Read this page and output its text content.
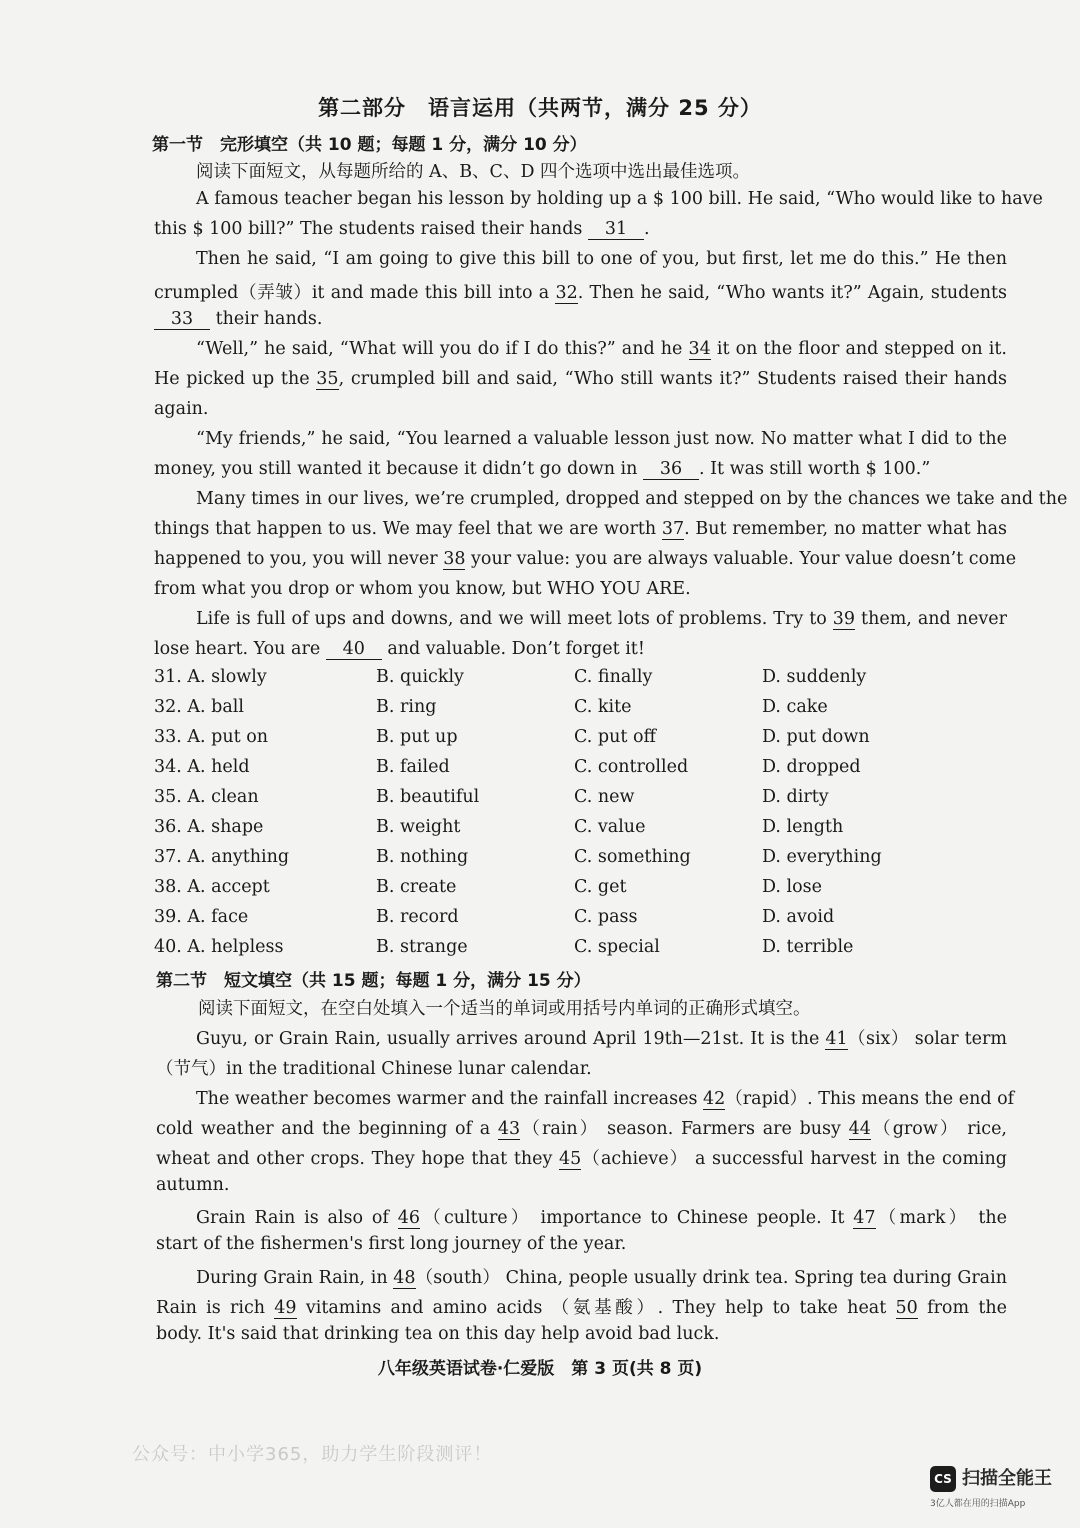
第二部分　语言运用（共两节，满分 25 分）
第一节　完形填空（共 10 题；每题 1 分，满分 10 分）
阅读下面短文，从每题所给的 A、B、C、D 四个选项中选出最佳选项。
A famous teacher began his lesson by holding up a $ 100 bill. He said, “Who would like to have
this $ 100 bill?” The students raised their hands 31 .
Then he said, “I am going to give this bill to one of you, but first, let me do this.” He then
crumpled（弄皱）it and made this bill into a 32. Then he said, “Who wants it?” Again, students
33 their hands.
“Well,” he said, “What will you do if I do this?” and he 34 it on the floor and stepped on it.
He picked up the 35, crumpled bill and said, “Who still wants it?” Students raised their hands
again.
“My friends,” he said, “You learned a valuable lesson just now. No matter what I did to the
money, you still wanted it because it didn’t go down in 36 . It was still worth $ 100.”
Many times in our lives, we’re crumpled, dropped and stepped on by the chances we take and the
things that happen to us. We may feel that we are worth 37. But remember, no matter what has
happened to you, you will never 38 your value: you are always valuable. Your value doesn’t come
from what you drop or whom you know, but WHO YOU ARE.
Life is full of ups and downs, and we will meet lots of problems. Try to 39 them, and never
lose heart. You are 40 and valuable. Don’t forget it!
31. A. slowly	B. quickly	C. finally	D. suddenly
32. A. ball	B. ring	C. kite	D. cake
33. A. put on	B. put up	C. put off	D. put down
34. A. held	B. failed	C. controlled	D. dropped
35. A. clean	B. beautiful	C. new	D. dirty
36. A. shape	B. weight	C. value	D. length
37. A. anything	B. nothing	C. something	D. everything
38. A. accept	B. create	C. get	D. lose
39. A. face	B. record	C. pass	D. avoid
40. A. helpless	B. strange	C. special	D. terrible
第二节　短文填空（共 15 题；每题 1 分，满分 15 分）
阅读下面短文，在空白处填入一个适当的单词或用括号内单词的正确形式填空。
Guyu, or Grain Rain, usually arrives around April 19th—21st. It is the 41（six） solar term
（节气）in the traditional Chinese lunar calendar.
The weather becomes warmer and the rainfall increases 42（rapid）. This means the end of
cold weather and the beginning of a 43（rain） season. Farmers are busy 44（grow） rice,
wheat and other crops. They hope that they 45（achieve） a successful harvest in the coming
autumn.
Grain Rain is also of 46（culture） importance to Chinese people. It 47（mark） the
start of the fishermen's first long journey of the year.
During Grain Rain, in 48（south） China, people usually drink tea. Spring tea during Grain
Rain is rich 49 vitamins and amino acids （氨基酸）. They help to take heat 50 from the
body. It's said that drinking tea on this day help avoid bad luck.
八年级英语试卷·仁爱版　第 3 页(共 8 页)
公众号：中小学365，助力学生阶段测评！
CS 扫描全能王
3亿人都在用的扫描App
